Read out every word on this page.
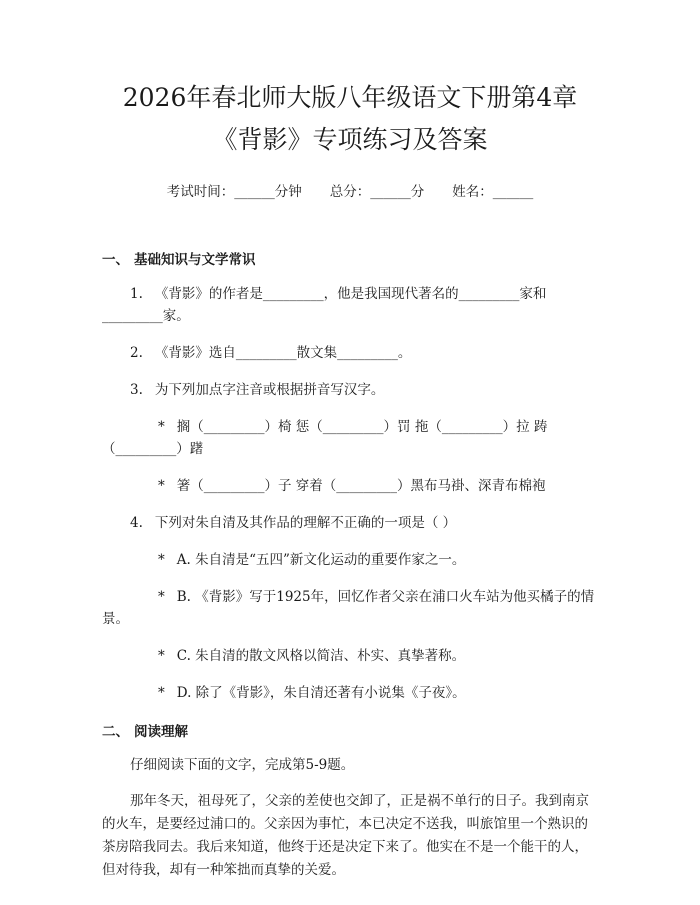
2026年春北师大版八年级语文下册第4章
《背影》专项练习及答案
考试时间：______分钟 总分：______分 姓名：______
一、 基础知识与文学常识

1. 《背影》的作者是_________，他是我国现代著名的_________家和_________家。

2. 《背影》选自_________散文集_________。

3. 为下列加点字注音或根据拼音写汉字。

* 搁（_________）椅 惩（_________）罚 拖（_________）拉 踌（_________）躇

* 箸（_________）子 穿着（_________）黑布马褂、深青布棉袍

4. 下列对朱自清及其作品的理解不正确的一项是（ ）

* A. 朱自清是“五四”新文化运动的重要作家之一。

* B. 《背影》写于1925年，回忆作者父亲在浦口火车站为他买橘子的情景。

* C. 朱自清的散文风格以简洁、朴实、真挚著称。

* D. 除了《背影》，朱自清还著有小说集《子夜》。

二、 阅读理解

仔细阅读下面的文字，完成第5-9题。

那年冬天，祖母死了，父亲的差使也交卸了，正是祸不单行的日子。我到南京的火车，是要经过浦口的。父亲因为事忙，本已决定不送我，叫旅馆里一个熟识的茶房陪我同去。我后来知道，他终于还是决定下来了。他实在不是一个能干的人，但对待我，却有一种笨拙而真挚的关爱。
